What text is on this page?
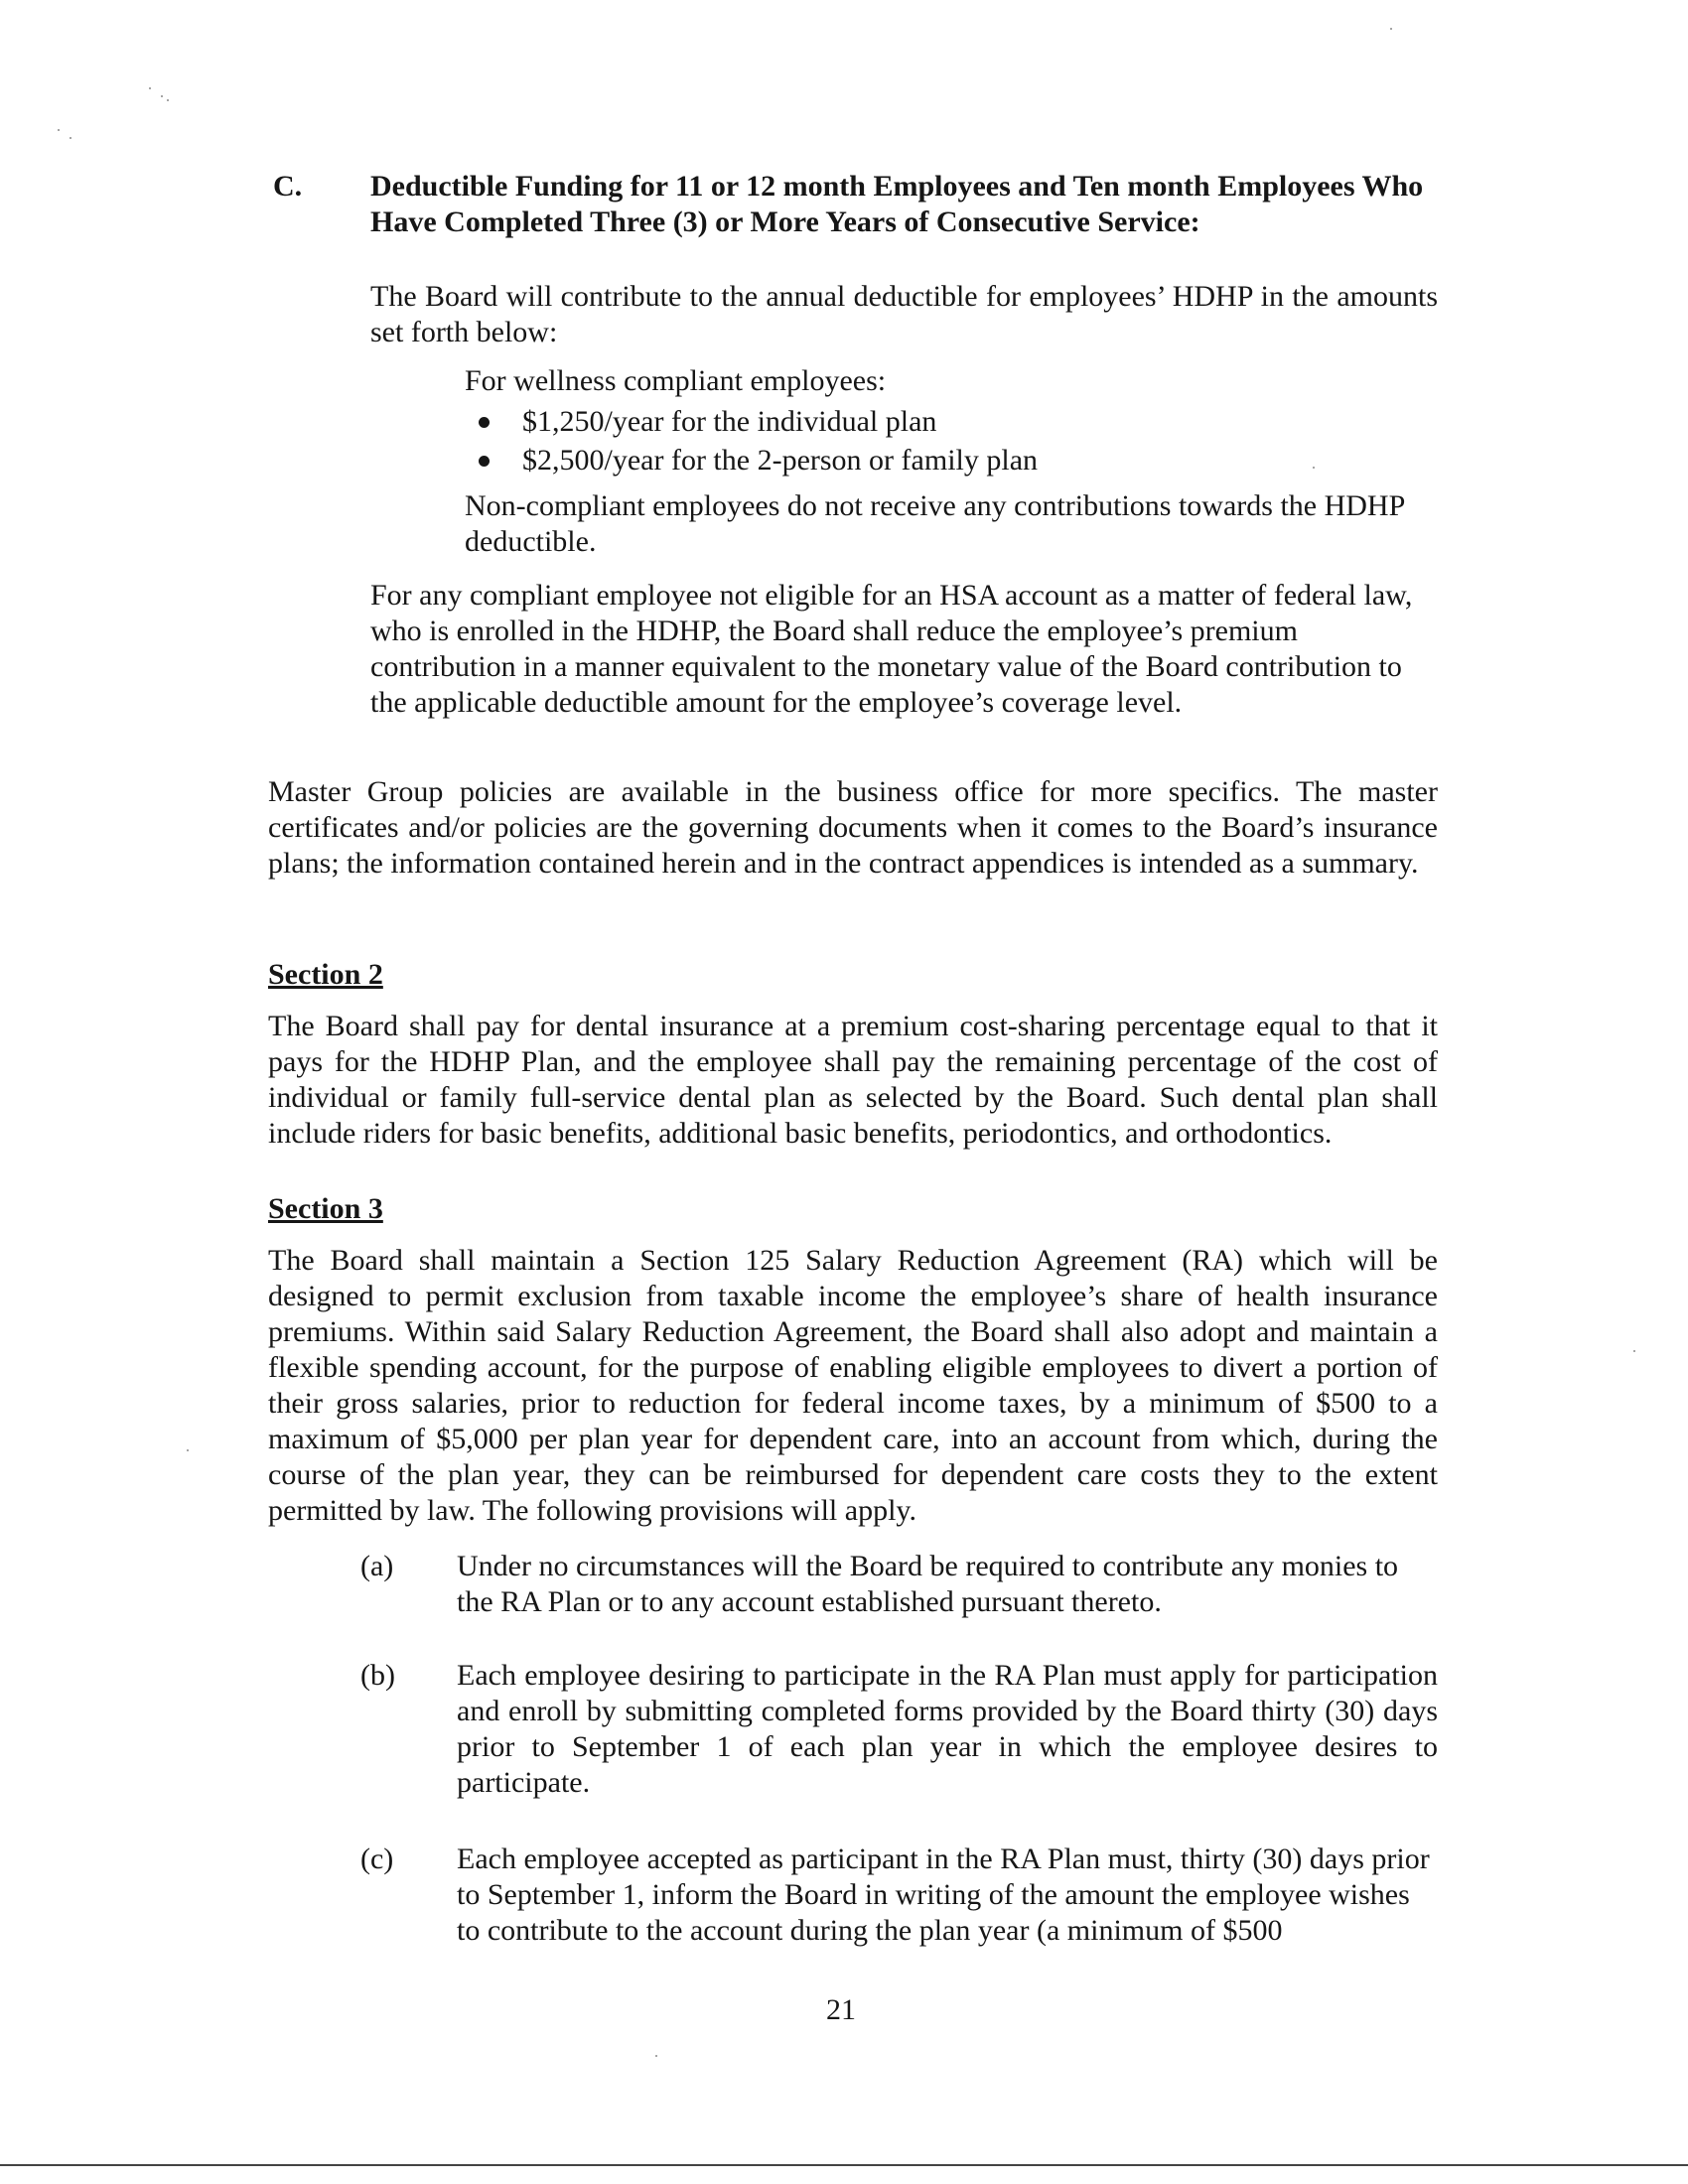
C. Deductible Funding for 11 or 12 month Employees and Ten month Employees Who Have Completed Three (3) or More Years of Consecutive Service:

The Board will contribute to the annual deductible for employees’ HDHP in the amounts set forth below:

For wellness compliant employees:
$1,250/year for the individual plan
$2,500/year for the 2-person or family plan

Non-compliant employees do not receive any contributions towards the HDHP deductible.

For any compliant employee not eligible for an HSA account as a matter of federal law, who is enrolled in the HDHP, the Board shall reduce the employee’s premium contribution in a manner equivalent to the monetary value of the Board contribution to the applicable deductible amount for the employee’s coverage level.

Master Group policies are available in the business office for more specifics. The master certificates and/or policies are the governing documents when it comes to the Board’s insurance plans; the information contained herein and in the contract appendices is intended as a summary.

Section 2

The Board shall pay for dental insurance at a premium cost-sharing percentage equal to that it pays for the HDHP Plan, and the employee shall pay the remaining percentage of the cost of individual or family full-service dental plan as selected by the Board. Such dental plan shall include riders for basic benefits, additional basic benefits, periodontics, and orthodontics.

Section 3

The Board shall maintain a Section 125 Salary Reduction Agreement (RA) which will be designed to permit exclusion from taxable income the employee’s share of health insurance premiums. Within said Salary Reduction Agreement, the Board shall also adopt and maintain a flexible spending account, for the purpose of enabling eligible employees to divert a portion of their gross salaries, prior to reduction for federal income taxes, by a minimum of $500 to a maximum of $5,000 per plan year for dependent care, into an account from which, during the course of the plan year, they can be reimbursed for dependent care costs they to the extent permitted by law. The following provisions will apply.

(a) Under no circumstances will the Board be required to contribute any monies to the RA Plan or to any account established pursuant thereto.

(b) Each employee desiring to participate in the RA Plan must apply for participation and enroll by submitting completed forms provided by the Board thirty (30) days prior to September 1 of each plan year in which the employee desires to participate.

(c) Each employee accepted as participant in the RA Plan must, thirty (30) days prior to September 1, inform the Board in writing of the amount the employee wishes to contribute to the account during the plan year (a minimum of $500

21
